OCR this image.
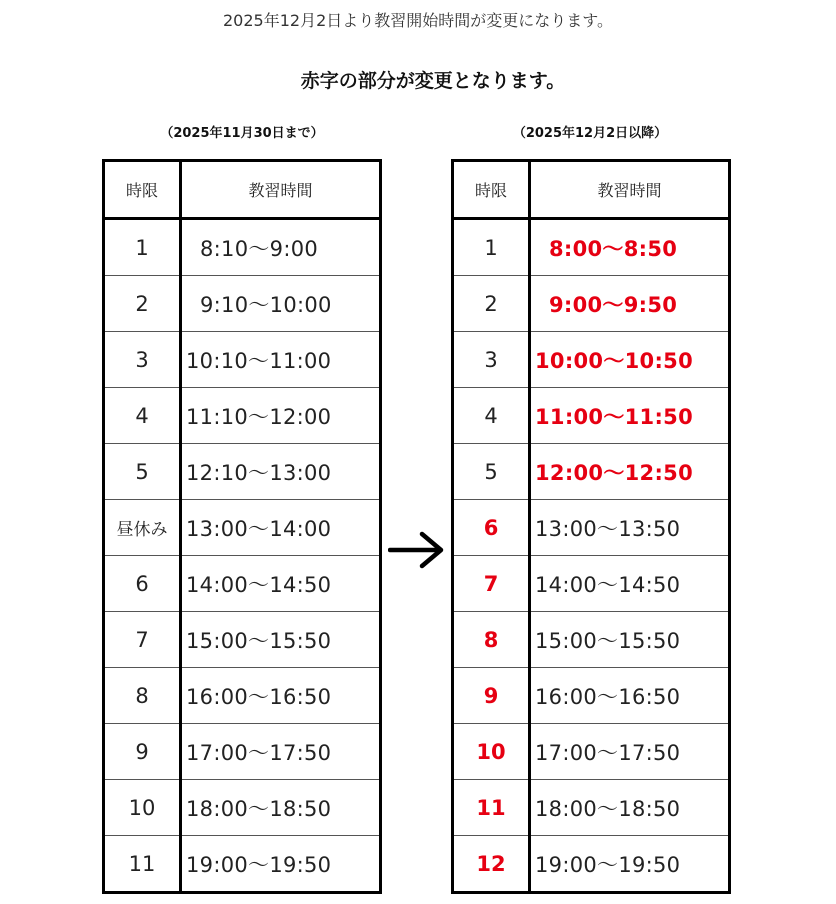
2025年12月2日より教習開始時間が変更になります。
赤字の部分が変更となります。
（2025年11月30日まで）	（2025年12月2日以降）
時限	教習時間
1	8:10～9:00
2	9:10～10:00
3	10:10～11:00
4	11:10～12:00
5	12:10～13:00
昼休み	13:00～14:00
6	14:00～14:50
7	15:00～15:50
8	16:00～16:50
9	17:00～17:50
10	18:00～18:50
11	19:00～19:50
時限	教習時間
1	8:00～8:50
2	9:00～9:50
3	10:00～10:50
4	11:00～11:50
5	12:00～12:50
6	13:00～13:50
7	14:00～14:50
8	15:00～15:50
9	16:00～16:50
10	17:00～17:50
11	18:00～18:50
12	19:00～19:50
